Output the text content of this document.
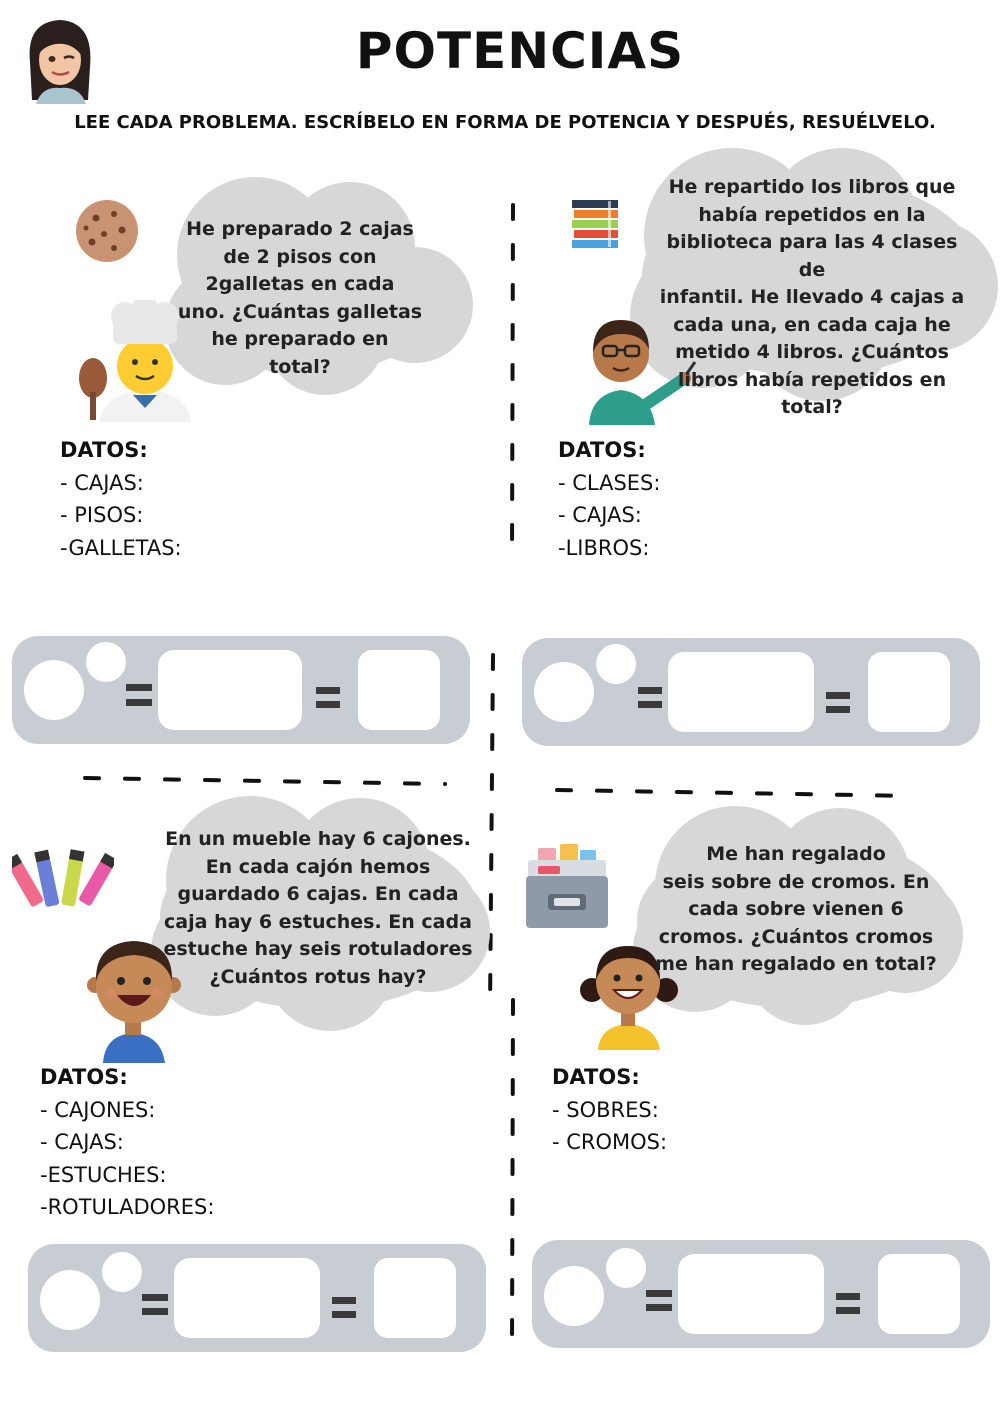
POTENCIAS
LEE CADA PROBLEMA. ESCRÍBELO EN FORMA DE POTENCIA Y DESPUÉS, RESUÉLVELO.
He preparado 2 cajas
de 2 pisos con
2galletas en cada
uno. ¿Cuántas galletas
he preparado en
total?
DATOS:
- CAJAS:
- PISOS:
-GALLETAS:
He repartido los libros que
había repetidos en la
biblioteca para las 4 clases de
infantil. He llevado 4 cajas a
cada una, en cada caja he
metido 4 libros. ¿Cuántos
libros había repetidos en
total?
DATOS:
- CLASES:
- CAJAS:
-LIBROS:
En un mueble hay 6 cajones.
En cada cajón hemos
guardado 6 cajas. En cada
caja hay 6 estuches. En cada
estuche hay seis rotuladores
¿Cuántos rotus hay?
DATOS:
- CAJONES:
- CAJAS:
-ESTUCHES:
-ROTULADORES:
Me han regalado
seis sobre de cromos. En
cada sobre vienen 6
cromos. ¿Cuántos cromos
me han regalado en total?
DATOS:
- SOBRES:
- CROMOS:
